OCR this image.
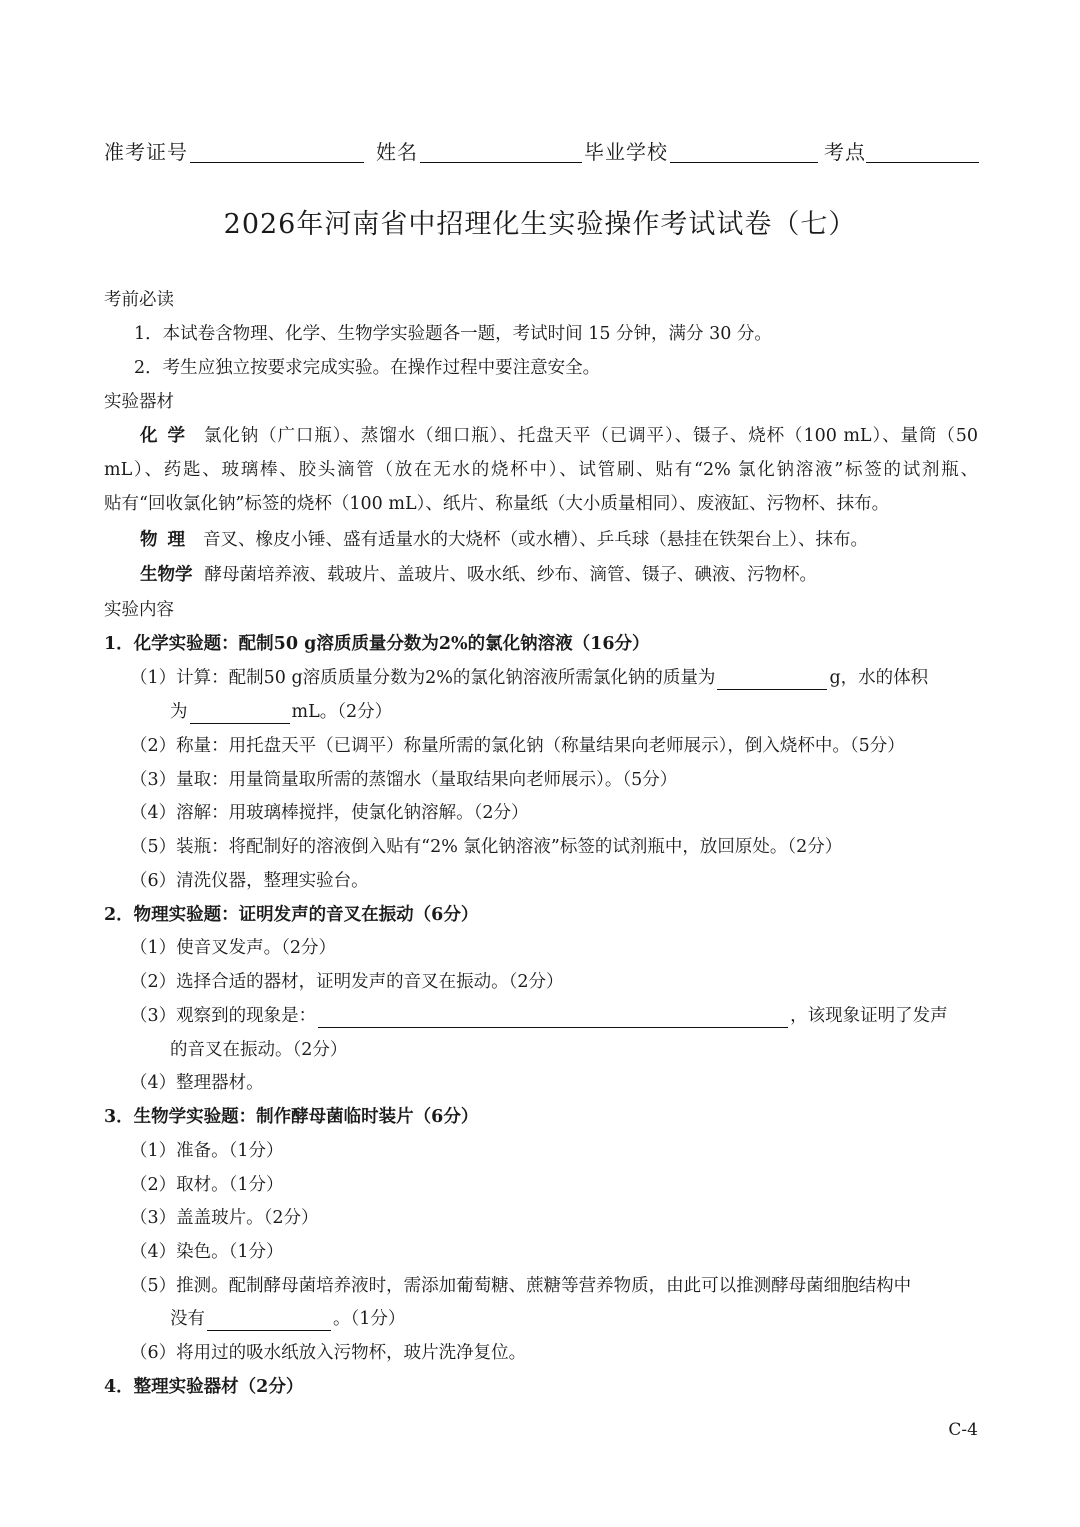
准考证号	姓名	毕业学校	考点
2026年河南省中招理化生实验操作考试试卷（七）
考前必读
1．本试卷含物理、化学、生物学实验题各一题，考试时间 15 分钟，满分 30 分。
2．考生应独立按要求完成实验。在操作过程中要注意安全。
实验器材
化学 氯化钠（广口瓶）、蒸馏水（细口瓶）、托盘天平（已调平）、镊子、烧杯（100 mL）、量筒（50
mL）、药匙、玻璃棒、胶头滴管（放在无水的烧杯中）、试管刷、贴有“2% 氯化钠溶液”标签的试剂瓶、
贴有“回收氯化钠”标签的烧杯（100 mL）、纸片、称量纸（大小质量相同）、废液缸、污物杯、抹布。
物理 音叉、橡皮小锤、盛有适量水的大烧杯（或水槽）、乒乓球（悬挂在铁架台上）、抹布。
生物学 酵母菌培养液、载玻片、盖玻片、吸水纸、纱布、滴管、镊子、碘液、污物杯。
实验内容
1．化学实验题：配制50 g溶质质量分数为2%的氯化钠溶液（16分）
（1）计算：配制50 g溶质质量分数为2%的氯化钠溶液所需氯化钠的质量为	g，水的体积
为	mL。（2分）
（2）称量：用托盘天平（已调平）称量所需的氯化钠（称量结果向老师展示），倒入烧杯中。（5分）
（3）量取：用量筒量取所需的蒸馏水（量取结果向老师展示）。（5分）
（4）溶解：用玻璃棒搅拌，使氯化钠溶解。（2分）
（5）装瓶：将配制好的溶液倒入贴有“2% 氯化钠溶液”标签的试剂瓶中，放回原处。（2分）
（6）清洗仪器，整理实验台。
2．物理实验题：证明发声的音叉在振动（6分）
（1）使音叉发声。（2分）
（2）选择合适的器材，证明发声的音叉在振动。（2分）
（3）观察到的现象是：	，该现象证明了发声
的音叉在振动。（2分）
（4）整理器材。
3．生物学实验题：制作酵母菌临时装片（6分）
（1）准备。（1分）
（2）取材。（1分）
（3）盖盖玻片。（2分）
（4）染色。（1分）
（5）推测。配制酵母菌培养液时，需添加葡萄糖、蔗糖等营养物质，由此可以推测酵母菌细胞结构中
没有	。（1分）
（6）将用过的吸水纸放入污物杯，玻片洗净复位。
4．整理实验器材（2分）
C-4
